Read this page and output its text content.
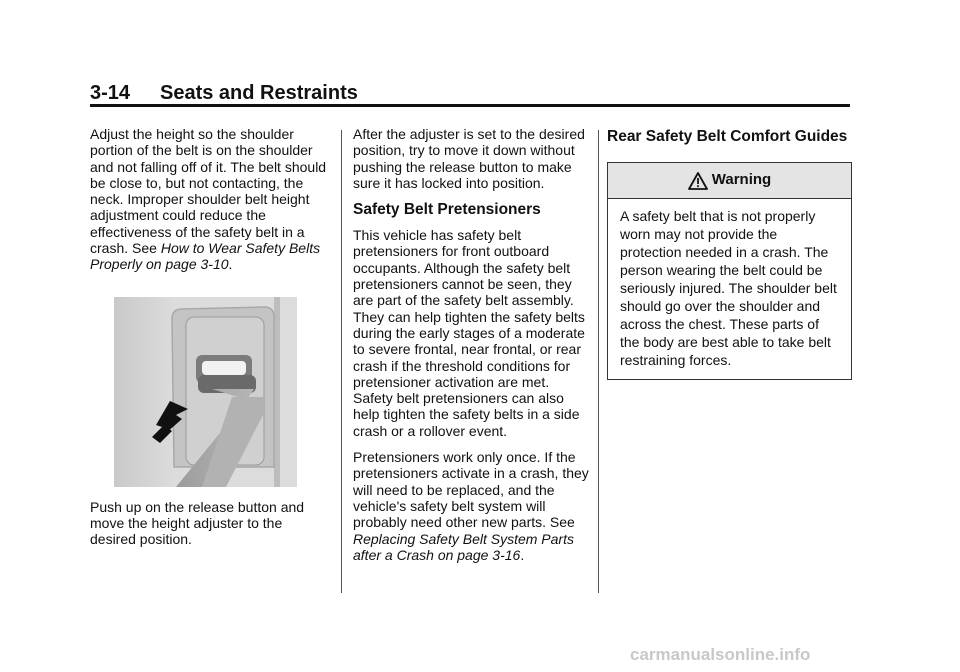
3-14 Seats and Restraints

Adjust the height so the shoulder portion of the belt is on the shoulder and not falling off of it. The belt should be close to, but not contacting, the neck. Improper shoulder belt height adjustment could reduce the effectiveness of the safety belt in a crash. See How to Wear Safety Belts Properly on page 3-10.

Push up on the release button and move the height adjuster to the desired position.

After the adjuster is set to the desired position, try to move it down without pushing the release button to make sure it has locked into position.

Safety Belt Pretensioners

This vehicle has safety belt pretensioners for front outboard occupants. Although the safety belt pretensioners cannot be seen, they are part of the safety belt assembly. They can help tighten the safety belts during the early stages of a moderate to severe frontal, near frontal, or rear crash if the threshold conditions for pretensioner activation are met. Safety belt pretensioners can also help tighten the safety belts in a side crash or a rollover event.

Pretensioners work only once. If the pretensioners activate in a crash, they will need to be replaced, and the vehicle's safety belt system will probably need other new parts. See Replacing Safety Belt System Parts after a Crash on page 3-16.

Rear Safety Belt Comfort Guides
Warning
A safety belt that is not properly worn may not provide the protection needed in a crash. The person wearing the belt could be seriously injured. The shoulder belt should go over the shoulder and across the chest. These parts of the body are best able to take belt restraining forces.
carmanualsonline.info
